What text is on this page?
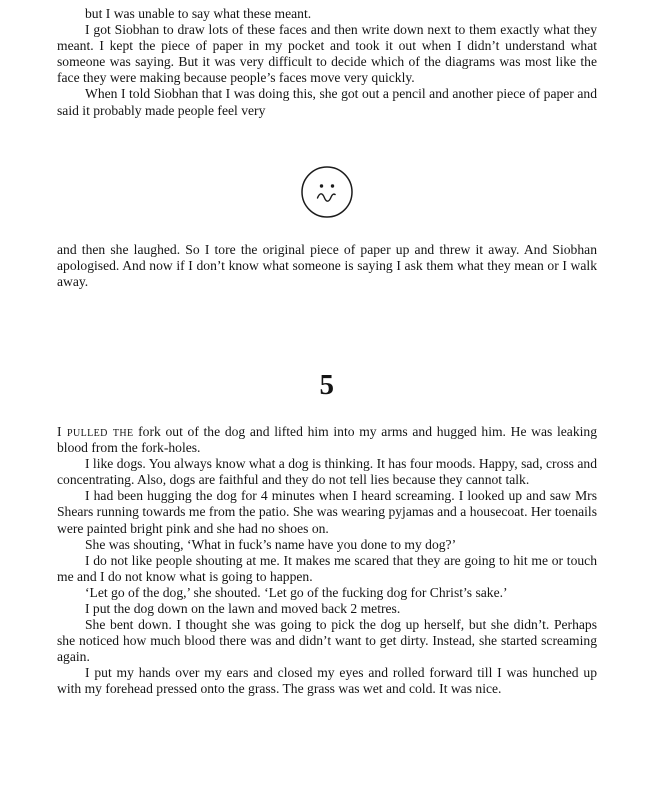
but I was unable to say what these meant.

I got Siobhan to draw lots of these faces and then write down next to them exactly what they meant. I kept the piece of paper in my pocket and took it out when I didn’t understand what someone was saying. But it was very difficult to decide which of the diagrams was most like the face they were making because people’s faces move very quickly.

When I told Siobhan that I was doing this, she got out a pencil and another piece of paper and said it probably made people feel very

and then she laughed. So I tore the original piece of paper up and threw it away. And Siobhan apologised. And now if I don’t know what someone is saying I ask them what they mean or I walk away.

5

I pulled the fork out of the dog and lifted him into my arms and hugged him. He was leaking blood from the fork-holes.

I like dogs. You always know what a dog is thinking. It has four moods. Happy, sad, cross and concentrating. Also, dogs are faithful and they do not tell lies because they cannot talk.

I had been hugging the dog for 4 minutes when I heard screaming. I looked up and saw Mrs Shears running towards me from the patio. She was wearing pyjamas and a housecoat. Her toenails were painted bright pink and she had no shoes on.

She was shouting, ‘What in fuck’s name have you done to my dog?’

I do not like people shouting at me. It makes me scared that they are going to hit me or touch me and I do not know what is going to happen.

‘Let go of the dog,’ she shouted. ‘Let go of the fucking dog for Christ’s sake.’

I put the dog down on the lawn and moved back 2 metres.

She bent down. I thought she was going to pick the dog up herself, but she didn’t. Perhaps she noticed how much blood there was and didn’t want to get dirty. Instead, she started screaming again.

I put my hands over my ears and closed my eyes and rolled forward till I was hunched up with my forehead pressed onto the grass. The grass was wet and cold. It was nice.
